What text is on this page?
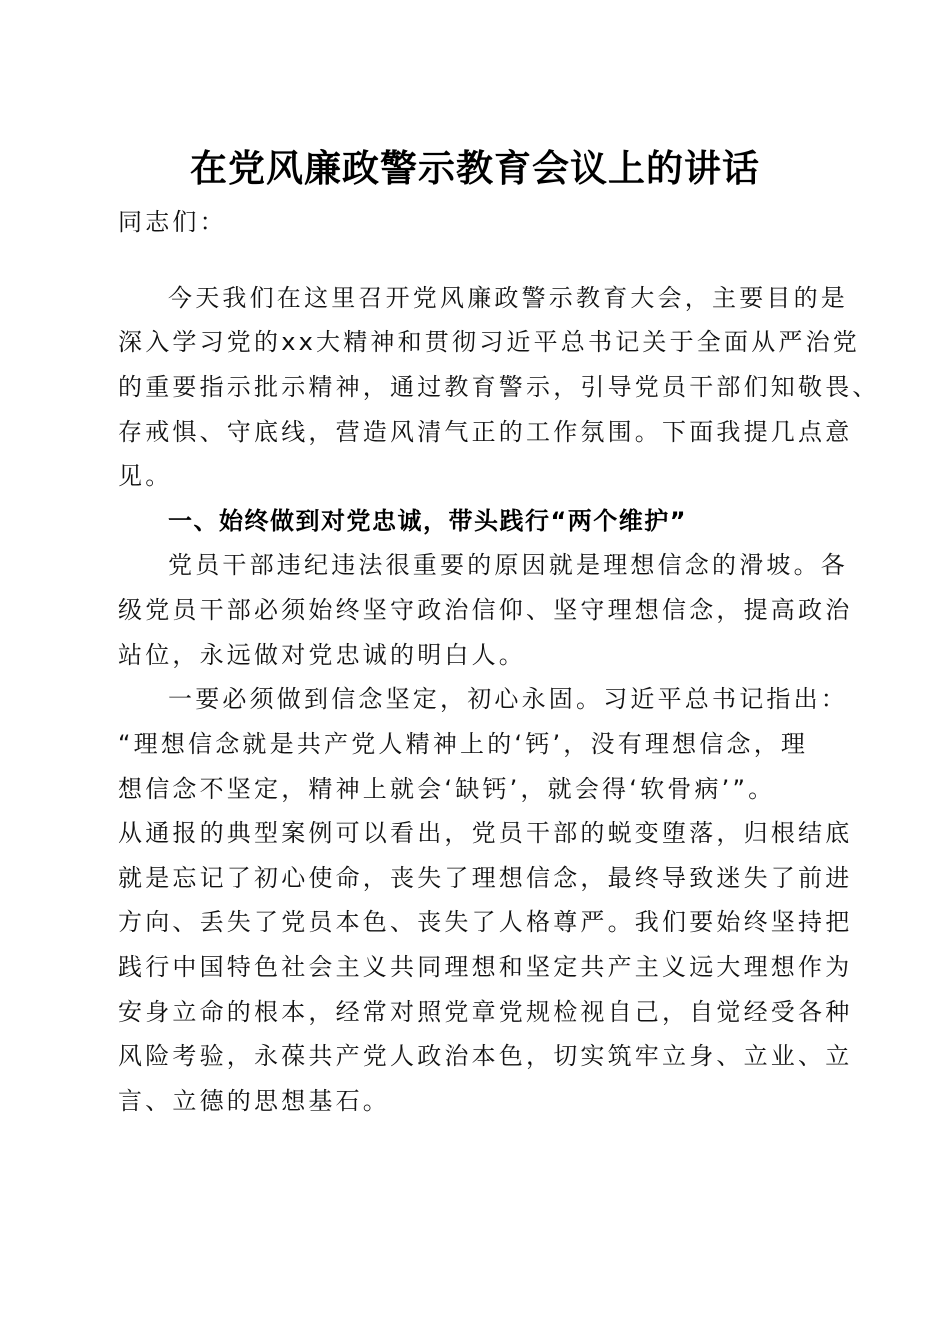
在党风廉政警示教育会议上的讲话
同志们：
今天我们在这里召开党风廉政警示教育大会，主要目的是
深入学习党的xx大精神和贯彻习近平总书记关于全面从严治党
的重要指示批示精神，通过教育警示，引导党员干部们知敬畏、
存戒惧、守底线，营造风清气正的工作氛围。下面我提几点意
见。
一、始终做到对党忠诚，带头践行“两个维护”
党员干部违纪违法很重要的原因就是理想信念的滑坡。各
级党员干部必须始终坚守政治信仰、坚守理想信念，提高政治
站位，永远做对党忠诚的明白人。
一要必须做到信念坚定，初心永固。习近平总书记指出：
“理想信念就是共产党人精神上的‘钙’，没有理想信念，理
想信念不坚定，精神上就会‘缺钙’，就会得‘软骨病’”。
从通报的典型案例可以看出，党员干部的蜕变堕落，归根结底
就是忘记了初心使命，丧失了理想信念，最终导致迷失了前进
方向、丢失了党员本色、丧失了人格尊严。我们要始终坚持把
践行中国特色社会主义共同理想和坚定共产主义远大理想作为
安身立命的根本，经常对照党章党规检视自己，自觉经受各种
风险考验，永葆共产党人政治本色，切实筑牢立身、立业、立
言、立德的思想基石。
